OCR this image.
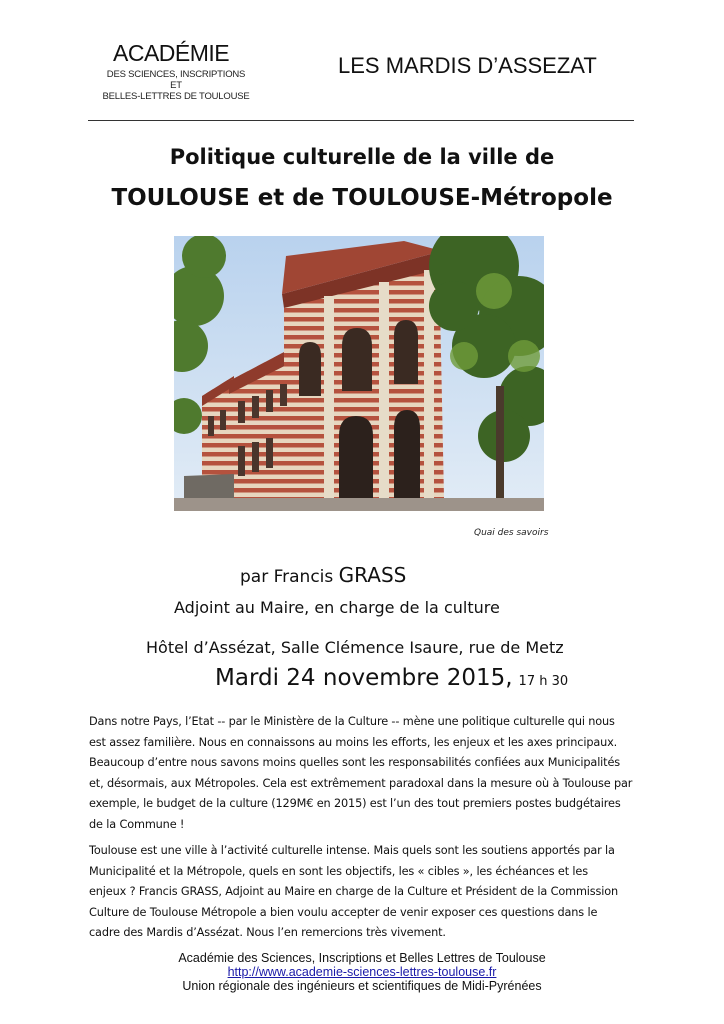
ACADÉMIE
DES SCIENCES, INSCRIPTIONS ET
BELLES-LETTRES DE TOULOUSE
LES MARDIS D’ASSEZAT
Politique culturelle de la ville de
TOULOUSE et de TOULOUSE-Métropole
Quai des savoirs
par Francis GRASS
Adjoint au Maire, en charge de la culture
Hôtel d’Assézat, Salle Clémence Isaure, rue de Metz
Mardi 24 novembre 2015, 17 h 30
Dans notre Pays, l’Etat -- par le Ministère de la Culture -- mène une politique culturelle qui nous
est assez familière. Nous en connaissons au moins les efforts, les enjeux et les axes principaux.
Beaucoup d’entre nous savons moins quelles sont les responsabilités confiées aux Municipalités
et, désormais, aux Métropoles. Cela est extrêmement paradoxal dans la mesure où à Toulouse par
exemple, le budget de la culture (129M€ en 2015) est l’un des tout premiers postes budgétaires
de la Commune !
Toulouse est une ville à l’activité culturelle intense. Mais quels sont les soutiens apportés par la
Municipalité et la Métropole, quels en sont les objectifs, les « cibles », les échéances et les
enjeux ? Francis GRASS, Adjoint au Maire en charge de la Culture et Président de la Commission
Culture de Toulouse Métropole a bien voulu accepter de venir exposer ces questions dans le
cadre des Mardis d’Assézat. Nous l’en remercions très vivement.
Académie des Sciences, Inscriptions et Belles Lettres de Toulouse
http://www.academie-sciences-lettres-toulouse.fr
Union régionale des ingénieurs et scientifiques de Midi-Pyrénées
